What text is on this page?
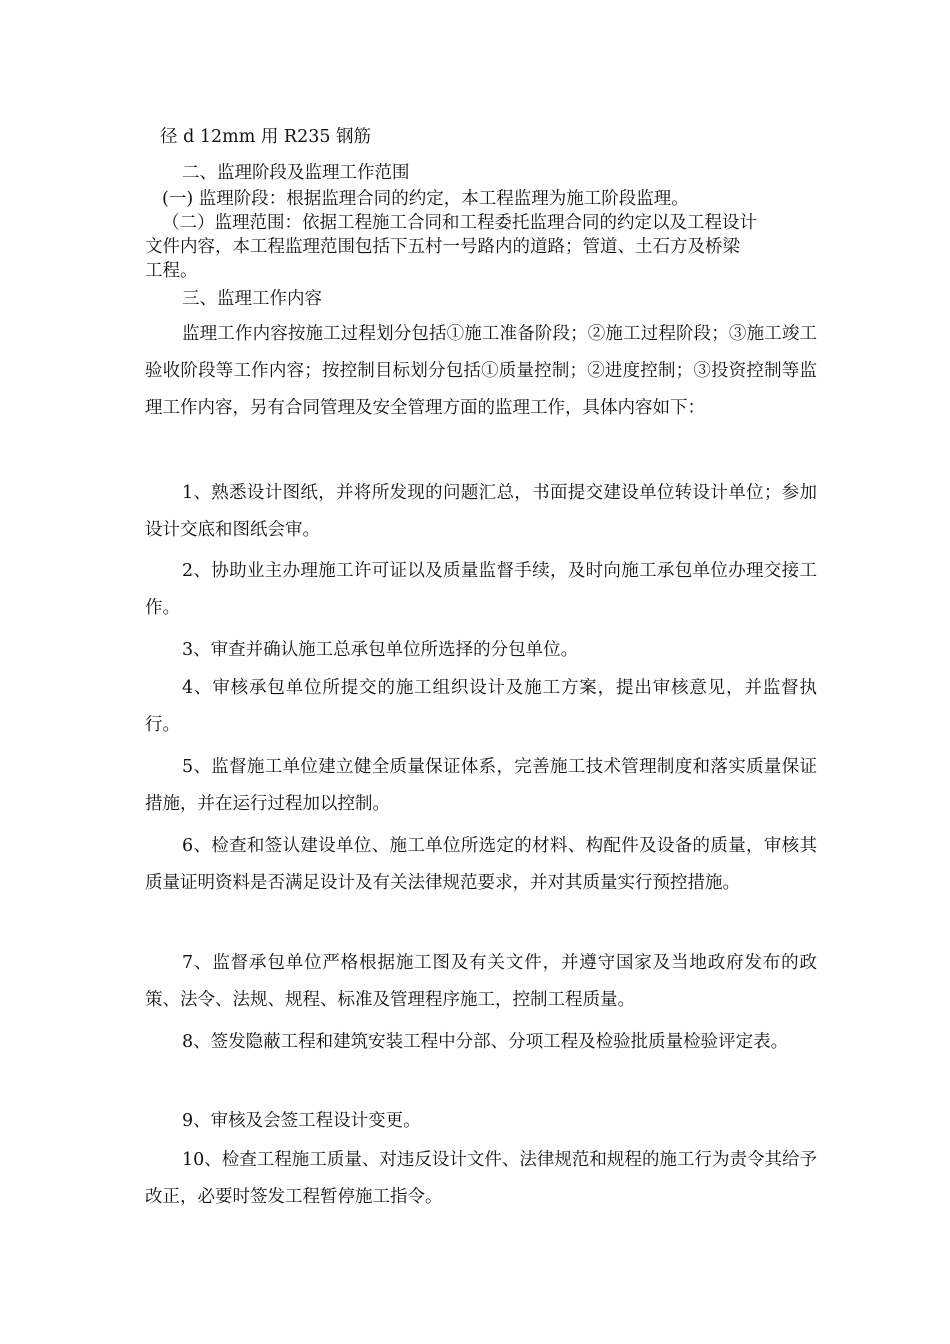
径 d 12mm 用 R235 钢筋
二、监理阶段及监理工作范围
(一) 监理阶段：根据监理合同的约定，本工程监理为施工阶段监理。
（二）监理范围：依据工程施工合同和工程委托监理合同的约定以及工程设计
文件内容，本工程监理范围包括下五村一号路内的道路；管道、土石方及桥梁
工程。
三、监理工作内容

监理工作内容按施工过程划分包括①施工准备阶段；②施工过程阶段；③施工竣工验收阶段等工作内容；按控制目标划分包括①质量控制；②进度控制；③投资控制等监理工作内容，另有合同管理及安全管理方面的监理工作，具体内容如下：

1、熟悉设计图纸，并将所发现的问题汇总，书面提交建设单位转设计单位；参加设计交底和图纸会审。

2、协助业主办理施工许可证以及质量监督手续，及时向施工承包单位办理交接工作。

3、审查并确认施工总承包单位所选择的分包单位。

4、审核承包单位所提交的施工组织设计及施工方案，提出审核意见，并监督执行。

5、监督施工单位建立健全质量保证体系，完善施工技术管理制度和落实质量保证措施，并在运行过程加以控制。

6、检查和签认建设单位、施工单位所选定的材料、构配件及设备的质量，审核其质量证明资料是否满足设计及有关法律规范要求，并对其质量实行预控措施。

7、监督承包单位严格根据施工图及有关文件，并遵守国家及当地政府发布的政策、法令、法规、规程、标准及管理程序施工，控制工程质量。

8、签发隐蔽工程和建筑安装工程中分部、分项工程及检验批质量检验评定表。

9、审核及会签工程设计变更。

10、检查工程施工质量、对违反设计文件、法律规范和规程的施工行为责令其给予改正，必要时签发工程暂停施工指令。
